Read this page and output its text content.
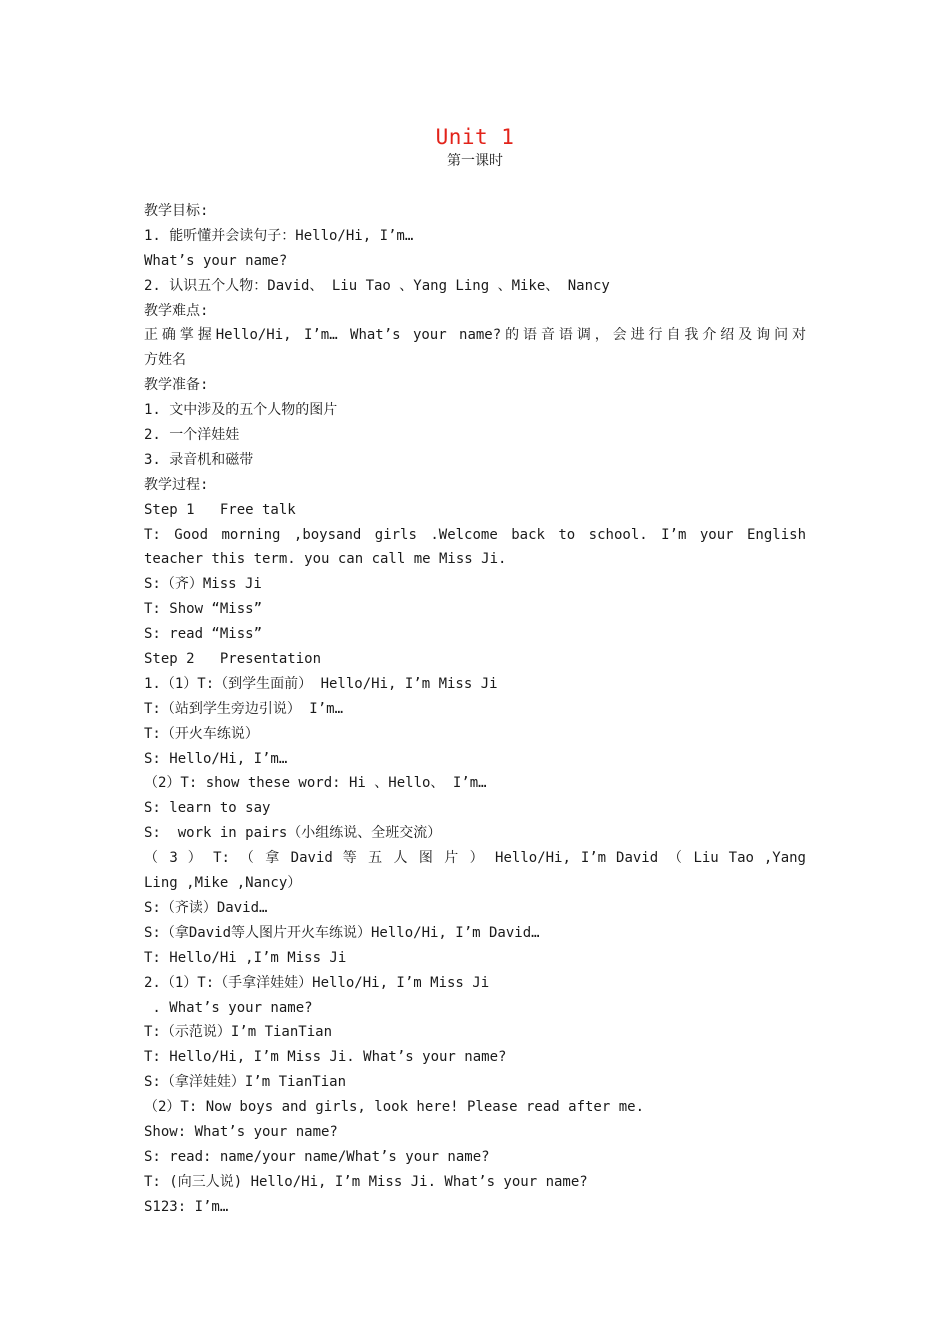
Unit 1
第一课时
教学目标:
1. 能听懂并会读句子：Hello/Hi, I’m…
What’s your name?
2. 认识五个人物：David、 Liu Tao 、Yang Ling 、Mike、 Nancy
教学难点:
正确掌握Hello/Hi, I’m… What’s your name?的语音语调，会进行自我介绍及询问对
方姓名
教学准备:
1. 文中涉及的五个人物的图片
2. 一个洋娃娃
3. 录音机和磁带
教学过程:
Step 1   Free talk
T: Good morning ,boysand girls .Welcome back to school. I’m your English
teacher this term. you can call me Miss Ji.
S:（齐）Miss Ji
T: Show “Miss”
S: read “Miss”
Step 2   Presentation
1.（1）T:（到学生面前） Hello/Hi, I’m Miss Ji
T:（站到学生旁边引说） I’m…
T:（开火车练说）
S: Hello/Hi, I’m…
（2）T: show these word: Hi 、Hello、 I’m…
S: learn to say
S:  work in pairs（小组练说、全班交流）
（ 3 ） T: （ 拿 David 等 五 人 图 片 ） Hello/Hi, I’m David （ Liu Tao ,Yang
Ling ,Mike ,Nancy）
S:（齐读）David…
S:（拿David等人图片开火车练说）Hello/Hi, I’m David…
T: Hello/Hi ,I’m Miss Ji
2.（1）T:（手拿洋娃娃）Hello/Hi, I’m Miss Ji
. What’s your name?
T:（示范说）I’m TianTian
T: Hello/Hi, I’m Miss Ji. What’s your name?
S:（拿洋娃娃）I’m TianTian
（2）T: Now boys and girls, look here! Please read after me.
Show: What’s your name?
S: read: name/your name/What’s your name?
T: (向三人说) Hello/Hi, I’m Miss Ji. What’s your name?
S123: I’m…
